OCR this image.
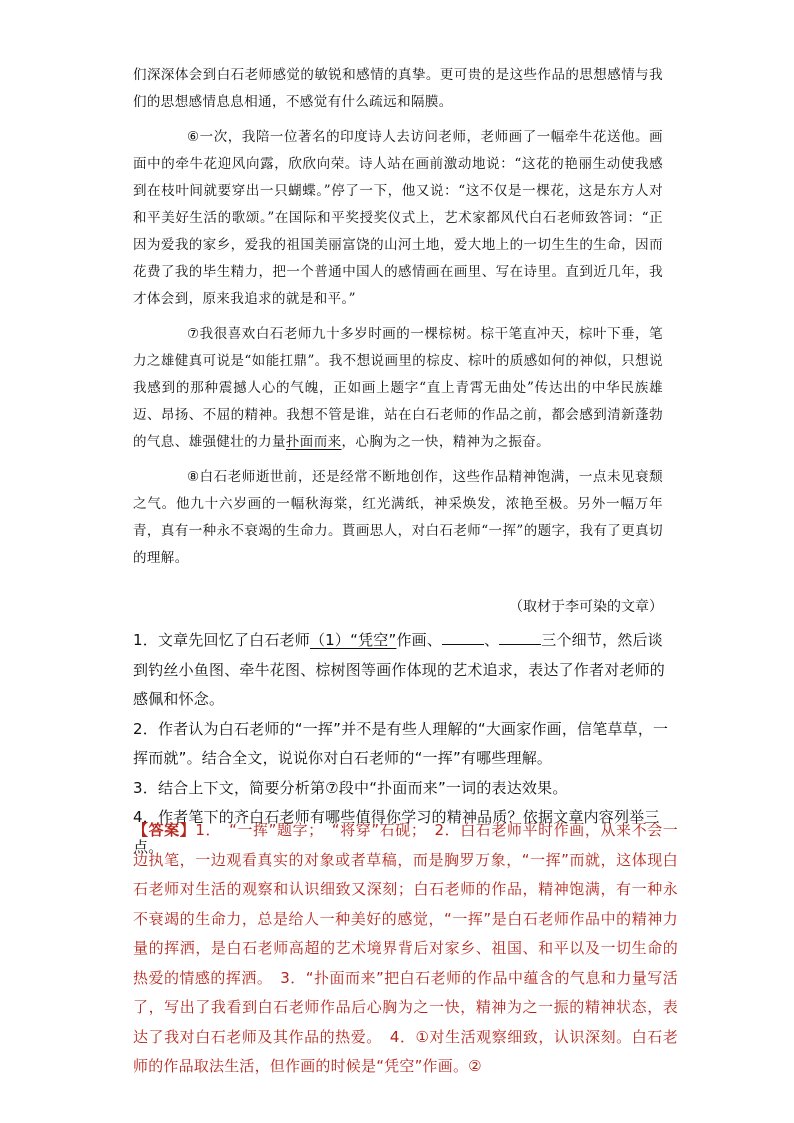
们深深体会到白石老师感觉的敏锐和感情的真挚。更可贵的是这些作品的思想感情与我们的思想感情息息相通，不感觉有什么疏远和隔膜。

⑥一次，我陪一位著名的印度诗人去访问老师，老师画了一幅牵牛花送他。画面中的牵牛花迎风向露，欣欣向荣。诗人站在画前激动地说：“这花的艳丽生动使我感到在枝叶间就要穿出一只蝴蝶。”停了一下，他又说：“这不仅是一棵花，这是东方人对和平美好生活的歌颂。”在国际和平奖授奖仪式上，艺术家都风代白石老师致答词：“正因为爱我的家乡，爱我的祖国美丽富饶的山河土地，爱大地上的一切生生的生命，因而花费了我的毕生精力，把一个普通中国人的感情画在画里、写在诗里。直到近几年，我才体会到，原来我追求的就是和平。”

⑦我很喜欢白石老师九十多岁时画的一棵棕树。棕干笔直冲天，棕叶下垂，笔力之雄健真可说是“如能扛鼎”。我不想说画里的棕皮、棕叶的质感如何的神似，只想说我感到的那种震撼人心的气魄，正如画上题字“直上青霄无曲处”传达出的中华民族雄迈、昂扬、不屈的精神。我想不管是谁，站在白石老师的作品之前，都会感到清新蓬勃的气息、雄强健壮的力量扑面而来，心胸为之一快，精神为之振奋。

⑧白石老师逝世前，还是经常不断地创作，这些作品精神饱满，一点未见衰颓之气。他九十六岁画的一幅秋海棠，红光满纸，神采焕发，浓艳至极。另外一幅万年青，真有一种永不衰竭的生命力。貰画思人，对白石老师“一挥”的题字，我有了更真切的理解。

（取材于李可染的文章）

1．文章先回忆了白石老师（1）“凭空”作画、	、	三个细节，然后谈到钓丝小鱼图、牵牛花图、棕树图等画作体现的艺术追求，表达了作者对老师的感佩和怀念。

2．作者认为白石老师的“一挥”并不是有些人理解的“大画家作画，信笔草草，一挥而就”。结合全文，说说你对白石老师的“一挥”有哪些理解。

3．结合上下文，简要分析第⑦段中“扑面而来”一词的表达效果。

4．作者笔下的齐白石老师有哪些值得你学习的精神品质？依据文章内容列举三点。

【答案】1．　“一挥”题字；　“将穿”石砚；　2．白石老师平时作画，从来不会一边执笔，一边观看真实的对象或者草稿，而是胸罗万象，“一挥”而就，这体现白石老师对生活的观察和认识细致又深刻；白石老师的作品，精神饱满，有一种永不衰竭的生命力，总是给人一种美好的感觉，“一挥”是白石老师作品中的精神力量的挥洒，是白石老师高超的艺术境界背后对家乡、祖国、和平以及一切生命的热爱的情感的挥洒。　3．“扑面而来”把白石老师的作品中蕴含的气息和力量写活了，写出了我看到白石老师作品后心胸为之一快，精神为之一振的精神状态，表达了我对白石老师及其作品的热爱。　4．①对生活观察细致，认识深刻。白石老师的作品取法生活，但作画的时候是“凭空”作画。②
